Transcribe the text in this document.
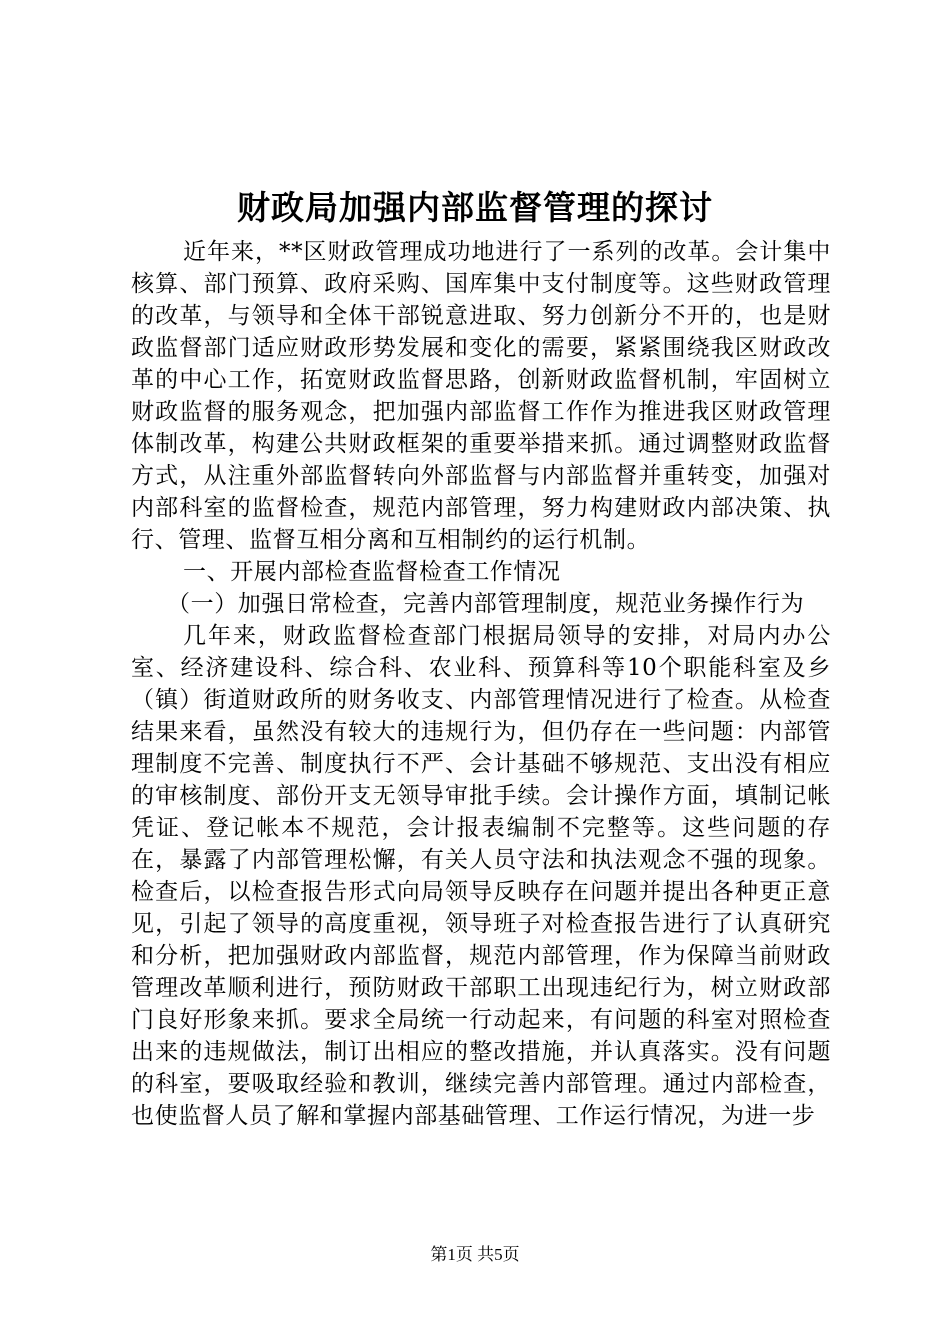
财政局加强内部监督管理的探讨

近年来，**区财政管理成功地进行了一系列的改革。会计集中核算、部门预算、政府采购、国库集中支付制度等。这些财政管理的改革，与领导和全体干部锐意进取、努力创新分不开的，也是财政监督部门适应财政形势发展和变化的需要，紧紧围绕我区财政改革的中心工作，拓宽财政监督思路，创新财政监督机制，牢固树立财政监督的服务观念，把加强内部监督工作作为推进我区财政管理体制改革，构建公共财政框架的重要举措来抓。通过调整财政监督方式，从注重外部监督转向外部监督与内部监督并重转变，加强对内部科室的监督检查，规范内部管理，努力构建财政内部决策、执行、管理、监督互相分离和互相制约的运行机制。

一、开展内部检查监督检查工作情况

（一）加强日常检查，完善内部管理制度，规范业务操作行为

几年来，财政监督检查部门根据局领导的安排，对局内办公室、经济建设科、综合科、农业科、预算科等10个职能科室及乡（镇）街道财政所的财务收支、内部管理情况进行了检查。从检查结果来看，虽然没有较大的违规行为，但仍存在一些问题：内部管理制度不完善、制度执行不严、会计基础不够规范、支出没有相应的审核制度、部份开支无领导审批手续。会计操作方面，填制记帐凭证、登记帐本不规范，会计报表编制不完整等。这些问题的存在，暴露了内部管理松懈，有关人员守法和执法观念不强的现象。检查后，以检查报告形式向局领导反映存在问题并提出各种更正意见，引起了领导的高度重视，领导班子对检查报告进行了认真研究和分析，把加强财政内部监督，规范内部管理，作为保障当前财政管理改革顺利进行，预防财政干部职工出现违纪行为，树立财政部门良好形象来抓。要求全局统一行动起来，有问题的科室对照检查出来的违规做法，制订出相应的整改措施，并认真落实。没有问题的科室，要吸取经验和教训，继续完善内部管理。通过内部检查，也使监督人员了解和掌握内部基础管理、工作运行情况，为进一步

第1页 共5页
